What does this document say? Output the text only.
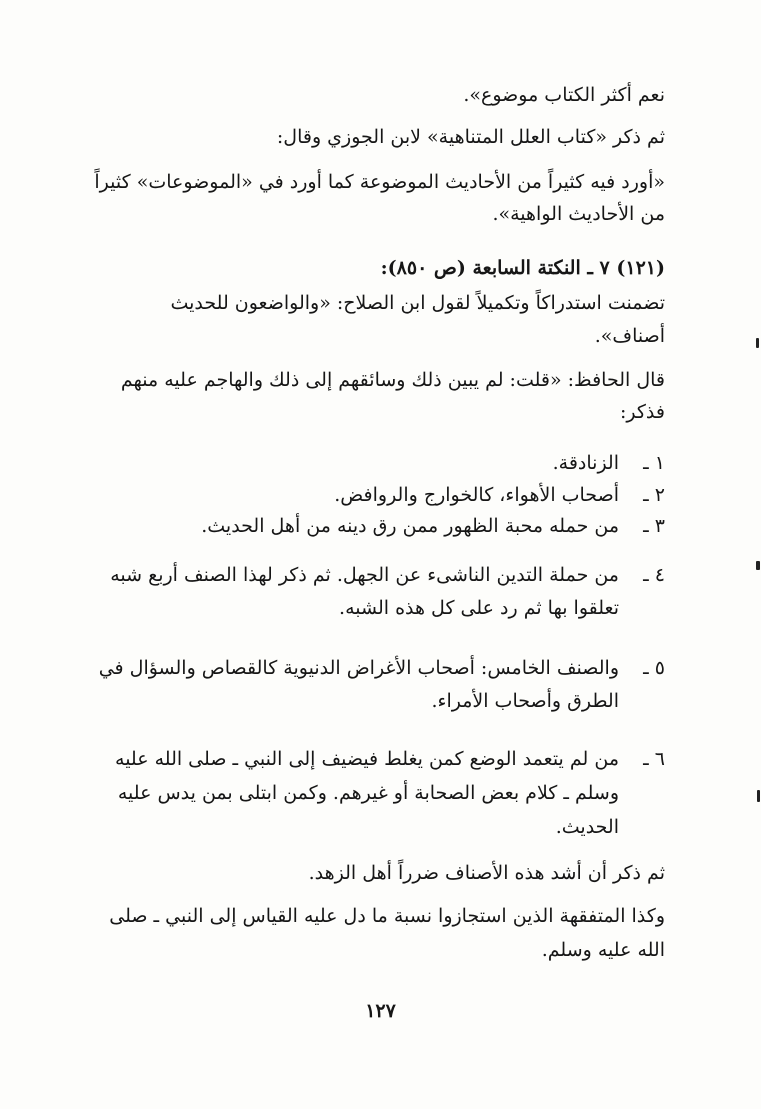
نعم أكثر الكتاب موضوع».
ثم ذكر «كتاب العلل المتناهية» لابن الجوزي وقال:
«أورد فيه كثيراً من الأحاديث الموضوعة كما أورد في «الموضوعات» كثيراً
من الأحاديث الواهية».
(١٢١) ٧ ـ النكتة السابعة (ص ٨٥٠):
تضمنت استدراكاً وتكميلاً لقول ابن الصلاح: «والواضعون للحديث
أصناف».
قال الحافظ: «قلت: لم يبين ذلك وسائقهم إلى ذلك والهاجم عليه منهم
فذكر:
١ ـ
الزنادقة.
٢ ـ
أصحاب الأهواء، كالخوارج والروافض.
٣ ـ
من حمله محبة الظهور ممن رق دينه من أهل الحديث.
٤ ـ
من حملة التدين الناشىء عن الجهل. ثم ذكر لهذا الصنف أربع شبه
تعلقوا بها ثم رد على كل هذه الشبه.
٥ ـ
والصنف الخامس: أصحاب الأغراض الدنيوية كالقصاص والسؤال في
الطرق وأصحاب الأمراء.
٦ ـ
من لم يتعمد الوضع كمن يغلط فيضيف إلى النبي ـ صلى الله عليه
وسلم ـ كلام بعض الصحابة أو غيرهم. وكمن ابتلى بمن يدس عليه
الحديث.
ثم ذكر أن أشد هذه الأصناف ضرراً أهل الزهد.
وكذا المتفقهة الذين استجازوا نسبة ما دل عليه القياس إلى النبي ـ صلى
الله عليه وسلم.
١٢٧
